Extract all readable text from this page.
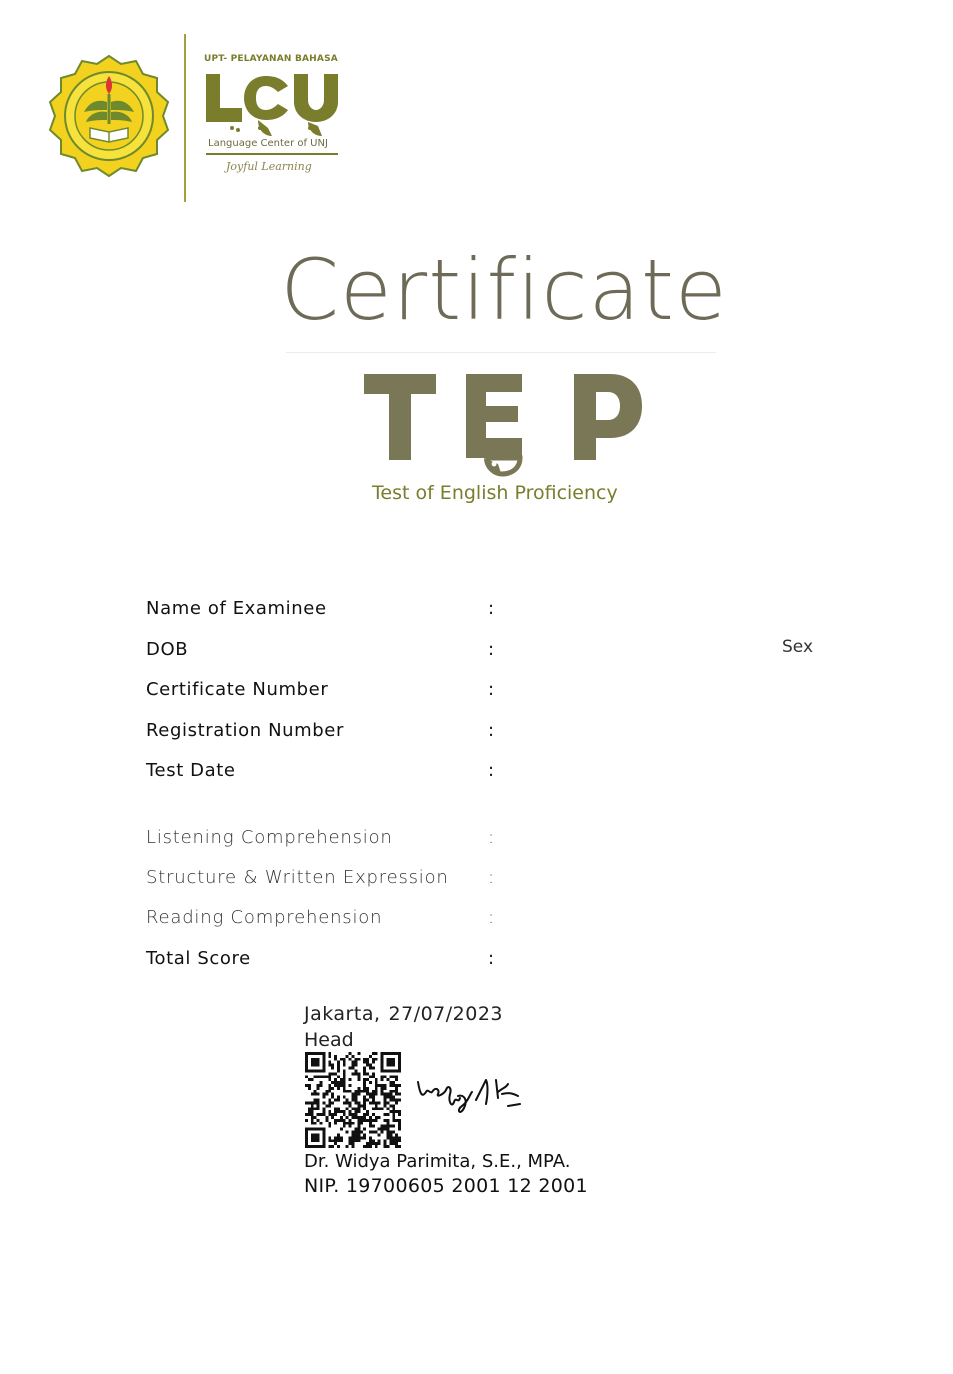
UPT- PELAYANAN BAHASA
Language Center of UNJ
Joyful Learning
Certificate
Test of English Proficiency
Name of Examinee	:
DOB	:	Sex
Certificate Number	:
Registration Number	:
Test Date	:
Listening Comprehension	:
Structure & Written Expression :
Reading Comprehension	:
Total Score	:
Jakarta, 27/07/2023
Head
Dr. Widya Parimita, S.E., MPA.
NIP. 19700605 2001 12 2001
